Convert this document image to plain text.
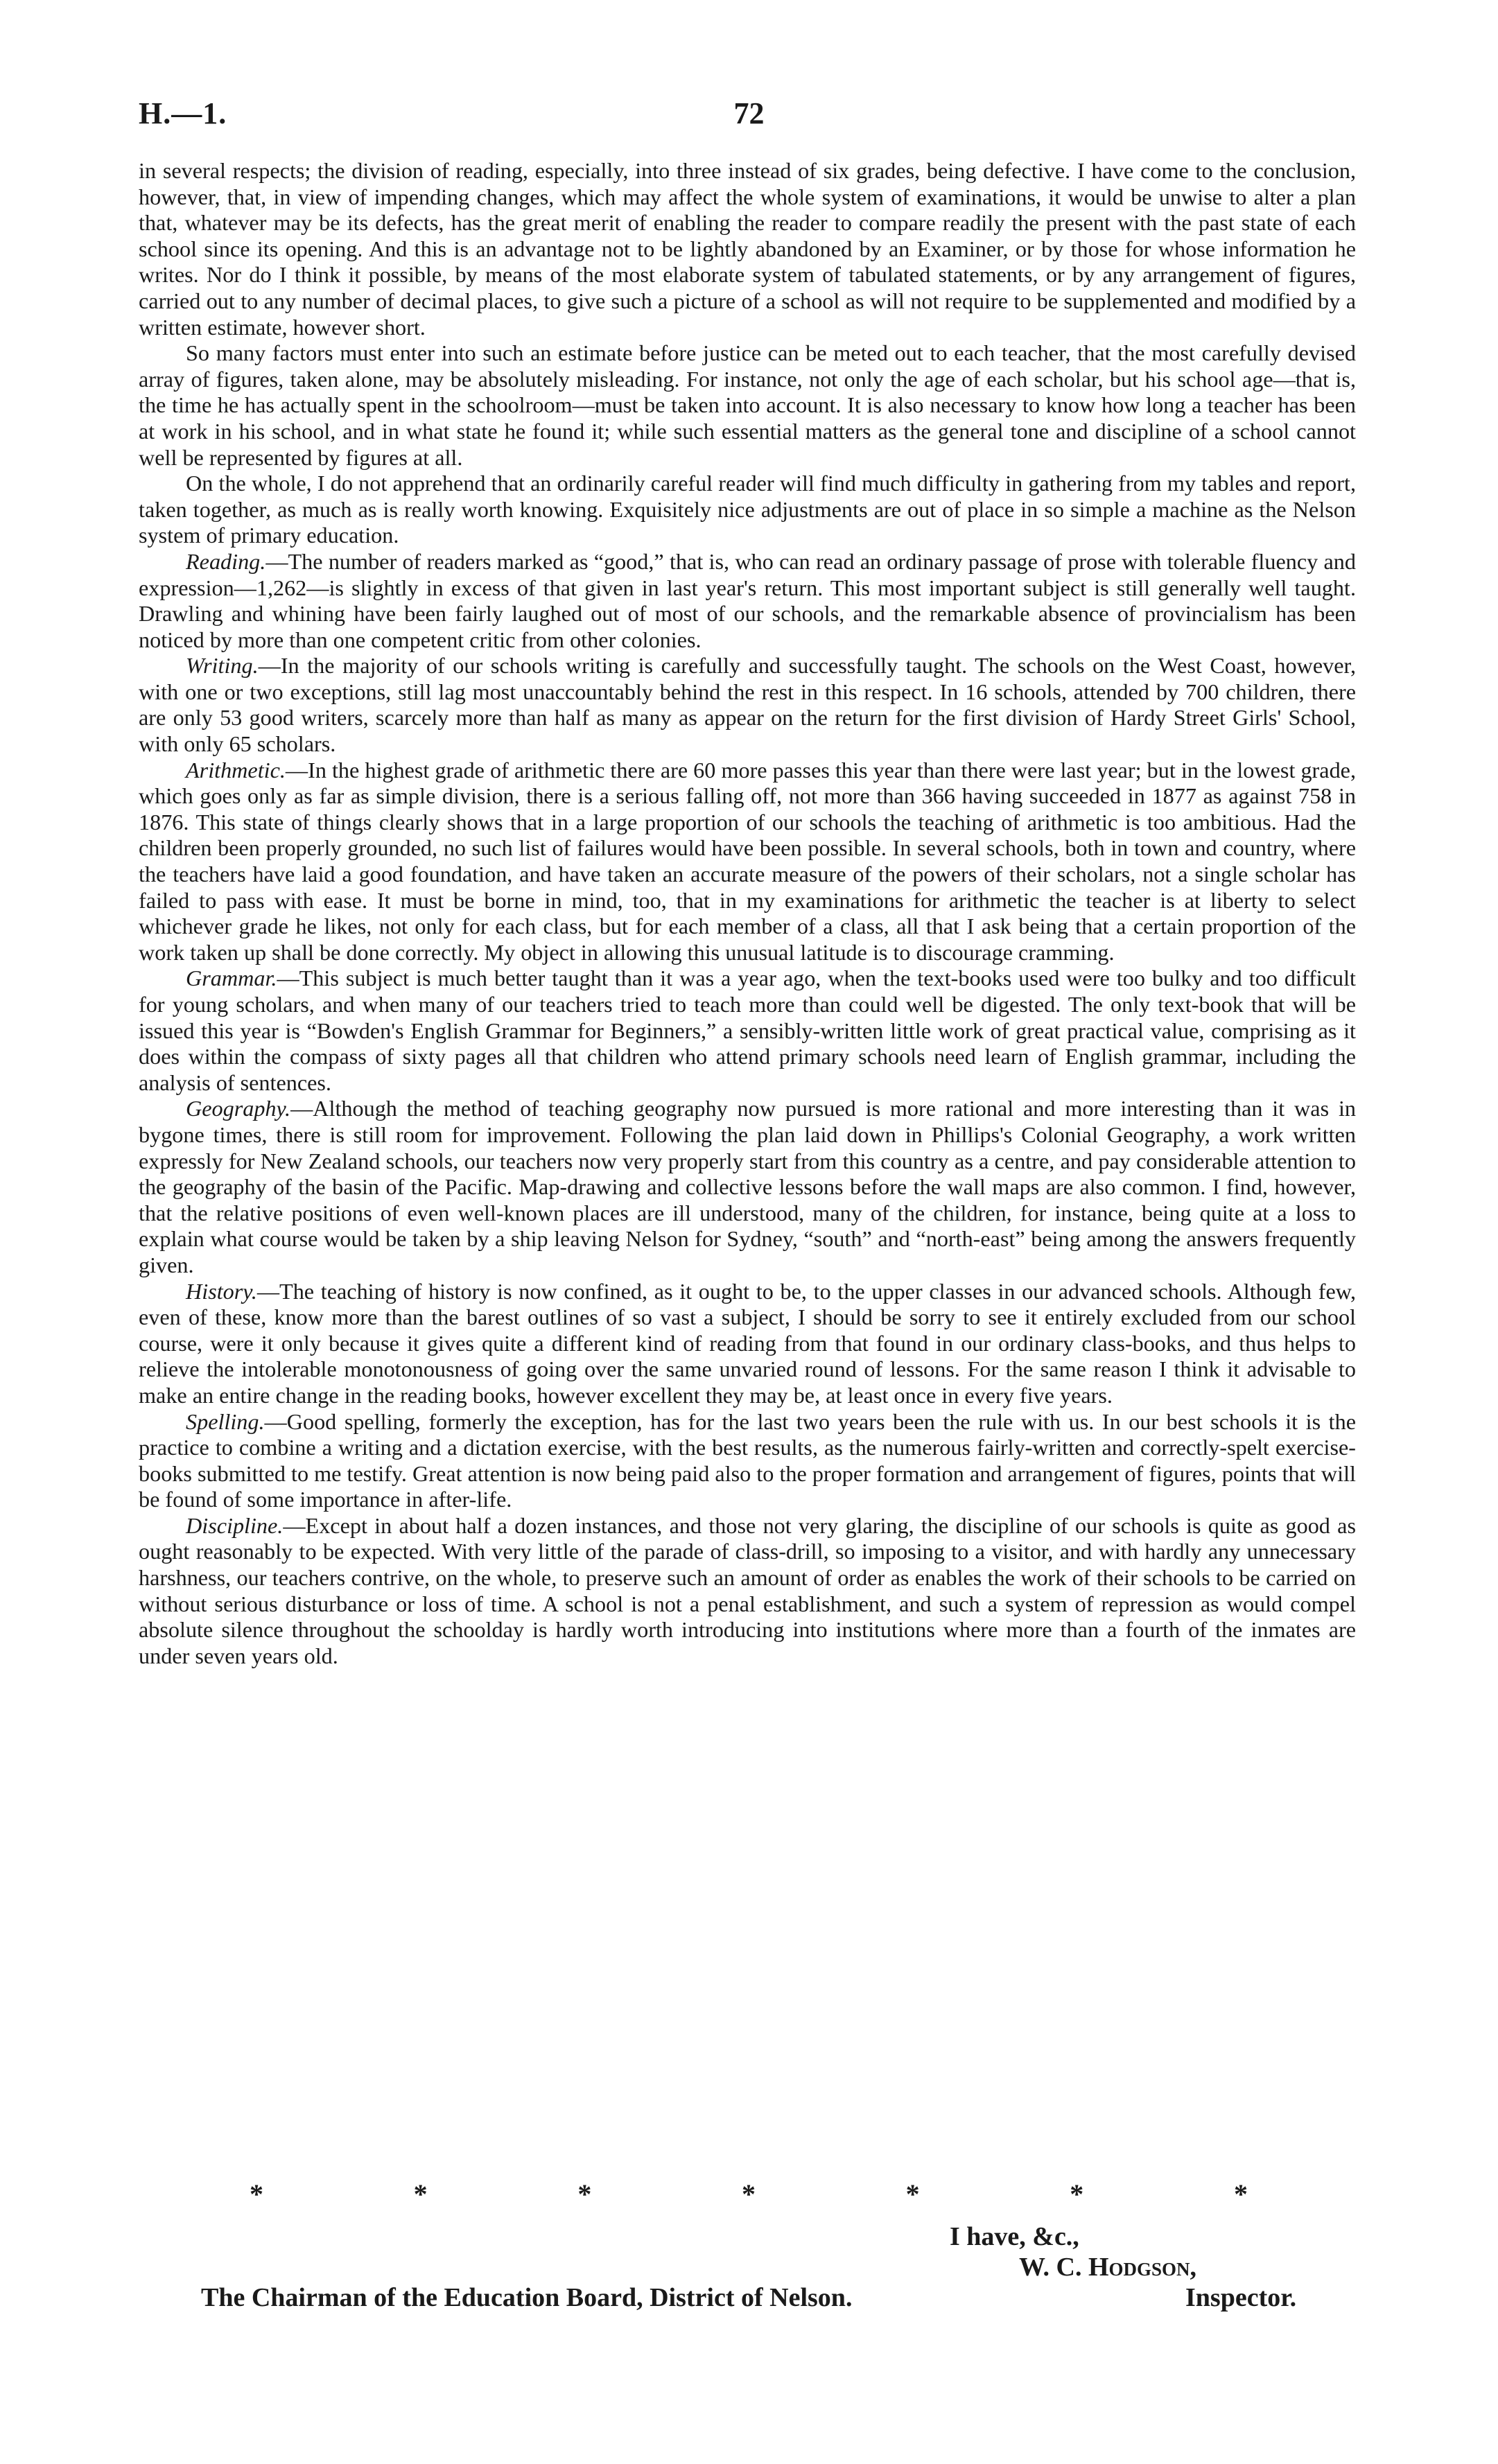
H.—1.	72

in several respects; the division of reading, especially, into three instead of six grades, being defective. I have come to the conclusion, however, that, in view of impending changes, which may affect the whole system of examinations, it would be unwise to alter a plan that, whatever may be its defects, has the great merit of enabling the reader to compare readily the present with the past state of each school since its opening. And this is an advantage not to be lightly abandoned by an Examiner, or by those for whose information he writes. Nor do I think it possible, by means of the most elaborate system of tabulated statements, or by any arrangement of figures, carried out to any number of decimal places, to give such a picture of a school as will not require to be supplemented and modified by a written estimate, however short.

So many factors must enter into such an estimate before justice can be meted out to each teacher, that the most carefully devised array of figures, taken alone, may be absolutely misleading. For instance, not only the age of each scholar, but his school age—that is, the time he has actually spent in the schoolroom—must be taken into account. It is also necessary to know how long a teacher has been at work in his school, and in what state he found it; while such essential matters as the general tone and discipline of a school cannot well be represented by figures at all.

On the whole, I do not apprehend that an ordinarily careful reader will find much difficulty in gathering from my tables and report, taken together, as much as is really worth knowing. Exquisitely nice adjustments are out of place in so simple a machine as the Nelson system of primary education.

Reading.—The number of readers marked as “good,” that is, who can read an ordinary passage of prose with tolerable fluency and expression—1,262—is slightly in excess of that given in last year's return. This most important subject is still generally well taught. Drawling and whining have been fairly laughed out of most of our schools, and the remarkable absence of provincialism has been noticed by more than one competent critic from other colonies.

Writing.—In the majority of our schools writing is carefully and successfully taught. The schools on the West Coast, however, with one or two exceptions, still lag most unaccountably behind the rest in this respect. In 16 schools, attended by 700 children, there are only 53 good writers, scarcely more than half as many as appear on the return for the first division of Hardy Street Girls' School, with only 65 scholars.

Arithmetic.—In the highest grade of arithmetic there are 60 more passes this year than there were last year; but in the lowest grade, which goes only as far as simple division, there is a serious falling off, not more than 366 having succeeded in 1877 as against 758 in 1876. This state of things clearly shows that in a large proportion of our schools the teaching of arithmetic is too ambitious. Had the children been properly grounded, no such list of failures would have been possible. In several schools, both in town and country, where the teachers have laid a good foundation, and have taken an accurate measure of the powers of their scholars, not a single scholar has failed to pass with ease. It must be borne in mind, too, that in my examinations for arithmetic the teacher is at liberty to select whichever grade he likes, not only for each class, but for each member of a class, all that I ask being that a certain proportion of the work taken up shall be done correctly. My object in allowing this unusual latitude is to discourage cramming.

Grammar.—This subject is much better taught than it was a year ago, when the text-books used were too bulky and too difficult for young scholars, and when many of our teachers tried to teach more than could well be digested. The only text-book that will be issued this year is “Bowden's English Grammar for Beginners,” a sensibly-written little work of great practical value, comprising as it does within the compass of sixty pages all that children who attend primary schools need learn of English grammar, including the analysis of sentences.

Geography.—Although the method of teaching geography now pursued is more rational and more interesting than it was in bygone times, there is still room for improvement. Following the plan laid down in Phillips's Colonial Geography, a work written expressly for New Zealand schools, our teachers now very properly start from this country as a centre, and pay considerable attention to the geography of the basin of the Pacific. Map-drawing and collective lessons before the wall maps are also common. I find, however, that the relative positions of even well-known places are ill understood, many of the children, for instance, being quite at a loss to explain what course would be taken by a ship leaving Nelson for Sydney, “south” and “north-east” being among the answers frequently given.

History.—The teaching of history is now confined, as it ought to be, to the upper classes in our advanced schools. Although few, even of these, know more than the barest outlines of so vast a subject, I should be sorry to see it entirely excluded from our school course, were it only because it gives quite a different kind of reading from that found in our ordinary class-books, and thus helps to relieve the intolerable monotonousness of going over the same unvaried round of lessons. For the same reason I think it advisable to make an entire change in the reading books, however excellent they may be, at least once in every five years.

Spelling.—Good spelling, formerly the exception, has for the last two years been the rule with us. In our best schools it is the practice to combine a writing and a dictation exercise, with the best results, as the numerous fairly-written and correctly-spelt exercise-books submitted to me testify. Great attention is now being paid also to the proper formation and arrangement of figures, points that will be found of some importance in after-life.

Discipline.—Except in about half a dozen instances, and those not very glaring, the discipline of our schools is quite as good as ought reasonably to be expected. With very little of the parade of class-drill, so imposing to a visitor, and with hardly any unnecessary harshness, our teachers contrive, on the whole, to preserve such an amount of order as enables the work of their schools to be carried on without serious disturbance or loss of time. A school is not a penal establishment, and such a system of repression as would compel absolute silence throughout the schoolday is hardly worth introducing into institutions where more than a fourth of the inmates are under seven years old.

*	*	*	*	*	*	*
I have, &c.,
W. C. Hodgson,
Inspector.
The Chairman of the Education Board, District of Nelson.
